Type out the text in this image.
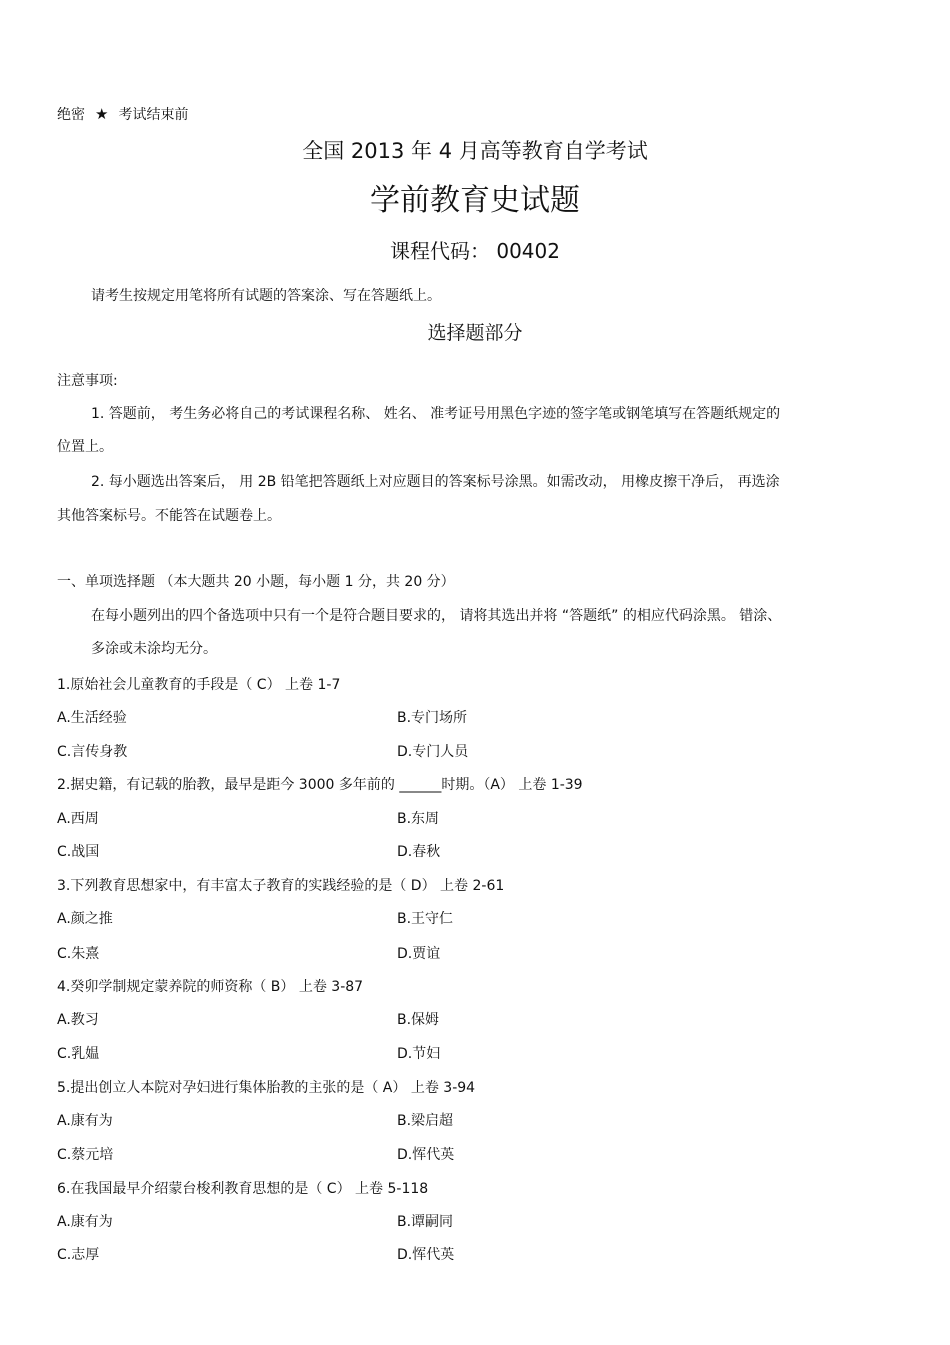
绝密 ★ 考试结束前
全国 2013 年 4 月高等教育自学考试
学前教育史试题
课程代码： 00402
请考生按规定用笔将所有试题的答案涂、写在答题纸上。
选择题部分
注意事项:
1. 答题前， 考生务必将自己的考试课程名称、 姓名、 准考证号用黑色字迹的签字笔或钢笔填写在答题纸规定的
位置上。
2. 每小题选出答案后， 用 2B 铅笔把答题纸上对应题目的答案标号涂黑。如需改动， 用橡皮擦干净后， 再选涂
其他答案标号。不能答在试题卷上。
一、单项选择题 （本大题共 20 小题，每小题 1 分，共 20 分）
在每小题列出的四个备选项中只有一个是符合题目要求的， 请将其选出并将 “答题纸” 的相应代码涂黑。 错涂、
多涂或未涂均无分。
1.原始社会儿童教育的手段是（ C） 上卷 1-7
A.生活经验	B.专门场所
C.言传身教	D.专门人员
2.据史籍，有记载的胎教，最早是距今 3000 多年前的 ______时期。（A） 上卷 1-39
A.西周	B.东周
C.战国	D.春秋
3.下列教育思想家中，有丰富太子教育的实践经验的是（ D） 上卷 2-61
A.颜之推	B.王守仁
C.朱熹	D.贾谊
4.癸卯学制规定蒙养院的师资称（ B） 上卷 3-87
A.教习	B.保姆
C.乳媪	D.节妇
5.提出创立人本院对孕妇进行集体胎教的主张的是（ A） 上卷 3-94
A.康有为	B.梁启超
C.蔡元培	D.恽代英
6.在我国最早介绍蒙台梭利教育思想的是（ C） 上卷 5-118
A.康有为	B.谭嗣同
C.志厚	D.恽代英
